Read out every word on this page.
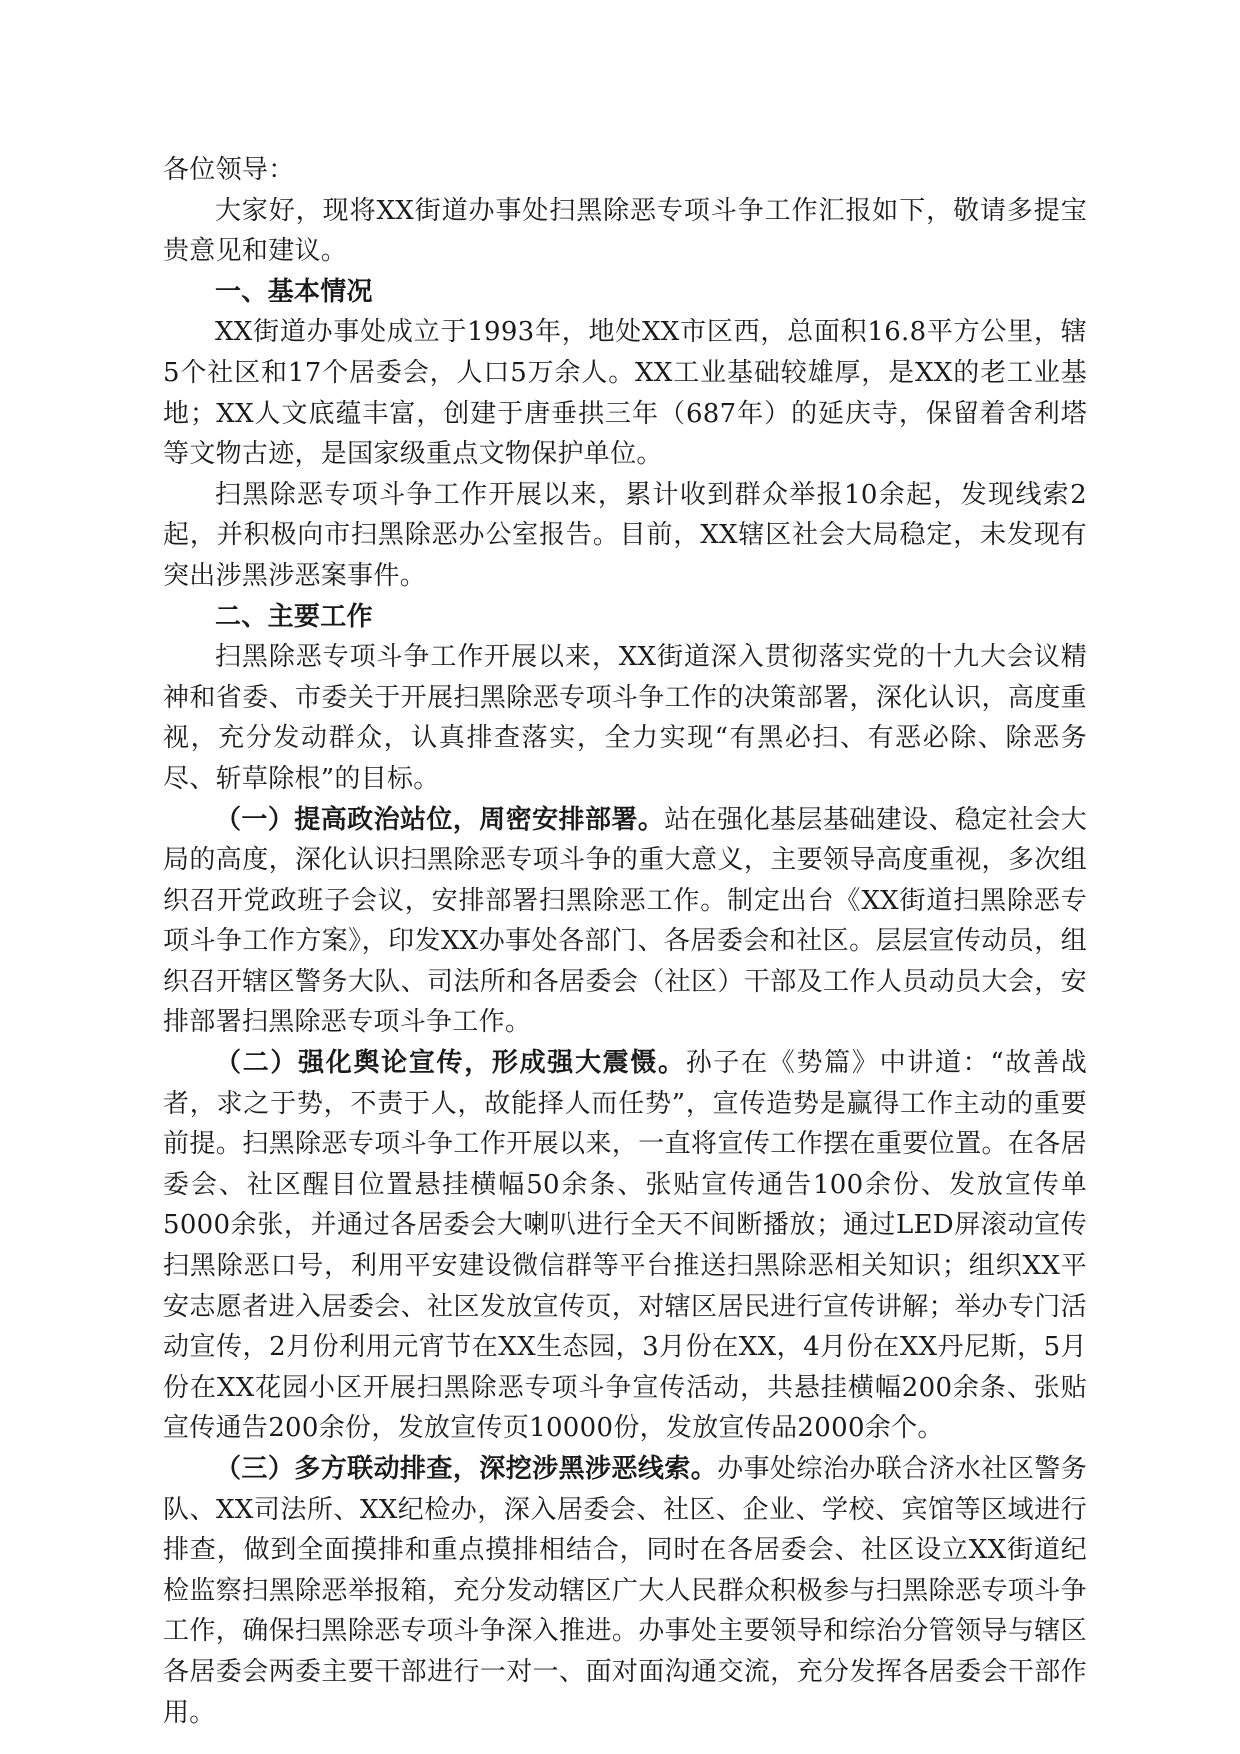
各位领导：

大家好，现将XX街道办事处扫黑除恶专项斗争工作汇报如下，敬请多提宝贵意见和建议。

一、基本情况

XX街道办事处成立于1993年，地处XX市区西，总面积16.8平方公里，辖5个社区和17个居委会，人口5万余人。XX工业基础较雄厚，是XX的老工业基地；XX人文底蕴丰富，创建于唐垂拱三年（687年）的延庆寺，保留着舍利塔等文物古迹，是国家级重点文物保护单位。

扫黑除恶专项斗争工作开展以来，累计收到群众举报10余起，发现线索2起，并积极向市扫黑除恶办公室报告。目前，XX辖区社会大局稳定，未发现有突出涉黑涉恶案事件。

二、主要工作

扫黑除恶专项斗争工作开展以来，XX街道深入贯彻落实党的十九大会议精神和省委、市委关于开展扫黑除恶专项斗争工作的决策部署，深化认识，高度重视，充分发动群众，认真排查落实，全力实现“有黑必扫、有恶必除、除恶务尽、斩草除根”的目标。

（一）提高政治站位，周密安排部署。站在强化基层基础建设、稳定社会大局的高度，深化认识扫黑除恶专项斗争的重大意义，主要领导高度重视，多次组织召开党政班子会议，安排部署扫黑除恶工作。制定出台《XX街道扫黑除恶专项斗争工作方案》，印发XX办事处各部门、各居委会和社区。层层宣传动员，组织召开辖区警务大队、司法所和各居委会（社区）干部及工作人员动员大会，安排部署扫黑除恶专项斗争工作。

（二）强化舆论宣传，形成强大震慑。孙子在《势篇》中讲道：“故善战者，求之于势，不责于人，故能择人而任势”，宣传造势是赢得工作主动的重要前提。扫黑除恶专项斗争工作开展以来，一直将宣传工作摆在重要位置。在各居委会、社区醒目位置悬挂横幅50余条、张贴宣传通告100余份、发放宣传单5000余张，并通过各居委会大喇叭进行全天不间断播放；通过LED屏滚动宣传扫黑除恶口号，利用平安建设微信群等平台推送扫黑除恶相关知识；组织XX平安志愿者进入居委会、社区发放宣传页，对辖区居民进行宣传讲解；举办专门活动宣传，2月份利用元宵节在XX生态园，3月份在XX，4月份在XX丹尼斯，5月份在XX花园小区开展扫黑除恶专项斗争宣传活动，共悬挂横幅200余条、张贴宣传通告200余份，发放宣传页10000份，发放宣传品2000余个。

（三）多方联动排查，深挖涉黑涉恶线索。办事处综治办联合济水社区警务队、XX司法所、XX纪检办，深入居委会、社区、企业、学校、宾馆等区域进行排查，做到全面摸排和重点摸排相结合，同时在各居委会、社区设立XX街道纪检监察扫黑除恶举报箱，充分发动辖区广大人民群众积极参与扫黑除恶专项斗争工作，确保扫黑除恶专项斗争深入推进。办事处主要领导和综治分管领导与辖区各居委会两委主要干部进行一对一、面对面沟通交流，充分发挥各居委会干部作用。
